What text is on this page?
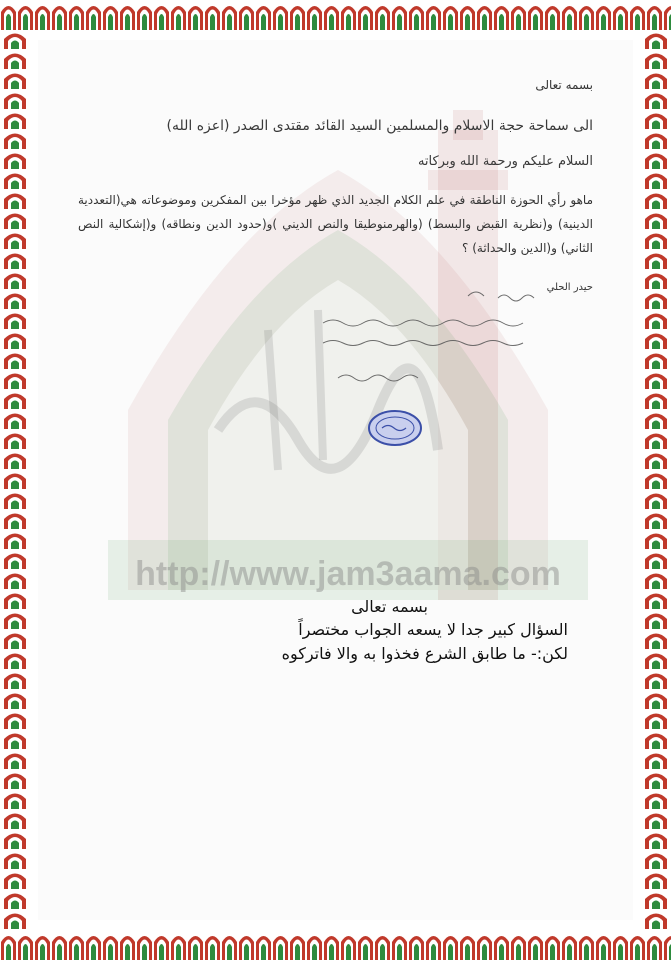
http://www.jam3aama.com
بسمه تعالى
الى سماحة حجة الاسلام والمسلمين السيد القائد مقتدى الصدر (اعزه الله)
السلام عليكم ورحمة الله وبركاته
ماهو رأي الحوزة الناطقة في علم الكلام الجديد الذي ظهر مؤخرا بين المفكرين وموضوعاته هي(التعددية الدينية) و(نظرية القبض والبسط) (والهرمنوطيقا والنص الديني )و(حدود الدين ونطاقه) و(إشكالية النص الثاني) و(الدين والحداثة) ؟
حيدر الحلي
بسمه تعالى
السؤال كبير جدا لا يسعه الجواب مختصراً
لكن:- ما طابق الشرع فخذوا به والا فاتركوه
